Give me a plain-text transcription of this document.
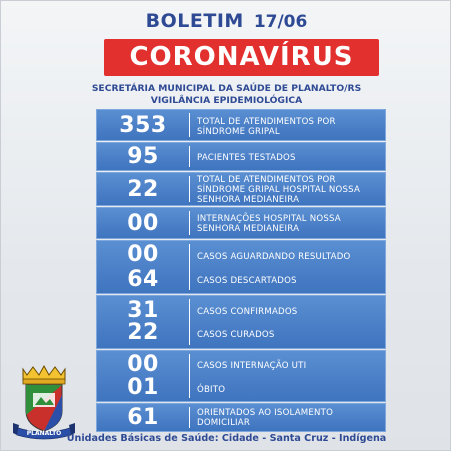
BOLETIM 17/06
CORONAVÍRUS
SECRETÁRIA MUNICIPAL DA SAÚDE DE PLANALTO/RS
VIGILÂNCIA EPIDEMIOLÓGICA
353	TOTAL DE ATENDIMENTOS POR SÍNDROME GRIPAL
95	PACIENTES TESTADOS
22	TOTAL DE ATENDIMENTOS POR SÍNDROME GRIPAL HOSPITAL NOSSA SENHORA MEDIANEIRA
00	INTERNAÇÕES HOSPITAL NOSSA SENHORA MEDIANEIRA
00	CASOS AGUARDANDO RESULTADO
64	CASOS DESCARTADOS
31	CASOS CONFIRMADOS
22	CASOS CURADOS
00	CASOS INTERNAÇÃO UTI
01	ÓBITO
61	ORIENTADOS AO ISOLAMENTO DOMICILIAR
PLANALTO Unidades Básicas de Saúde: Cidade - Santa Cruz - Indígena
